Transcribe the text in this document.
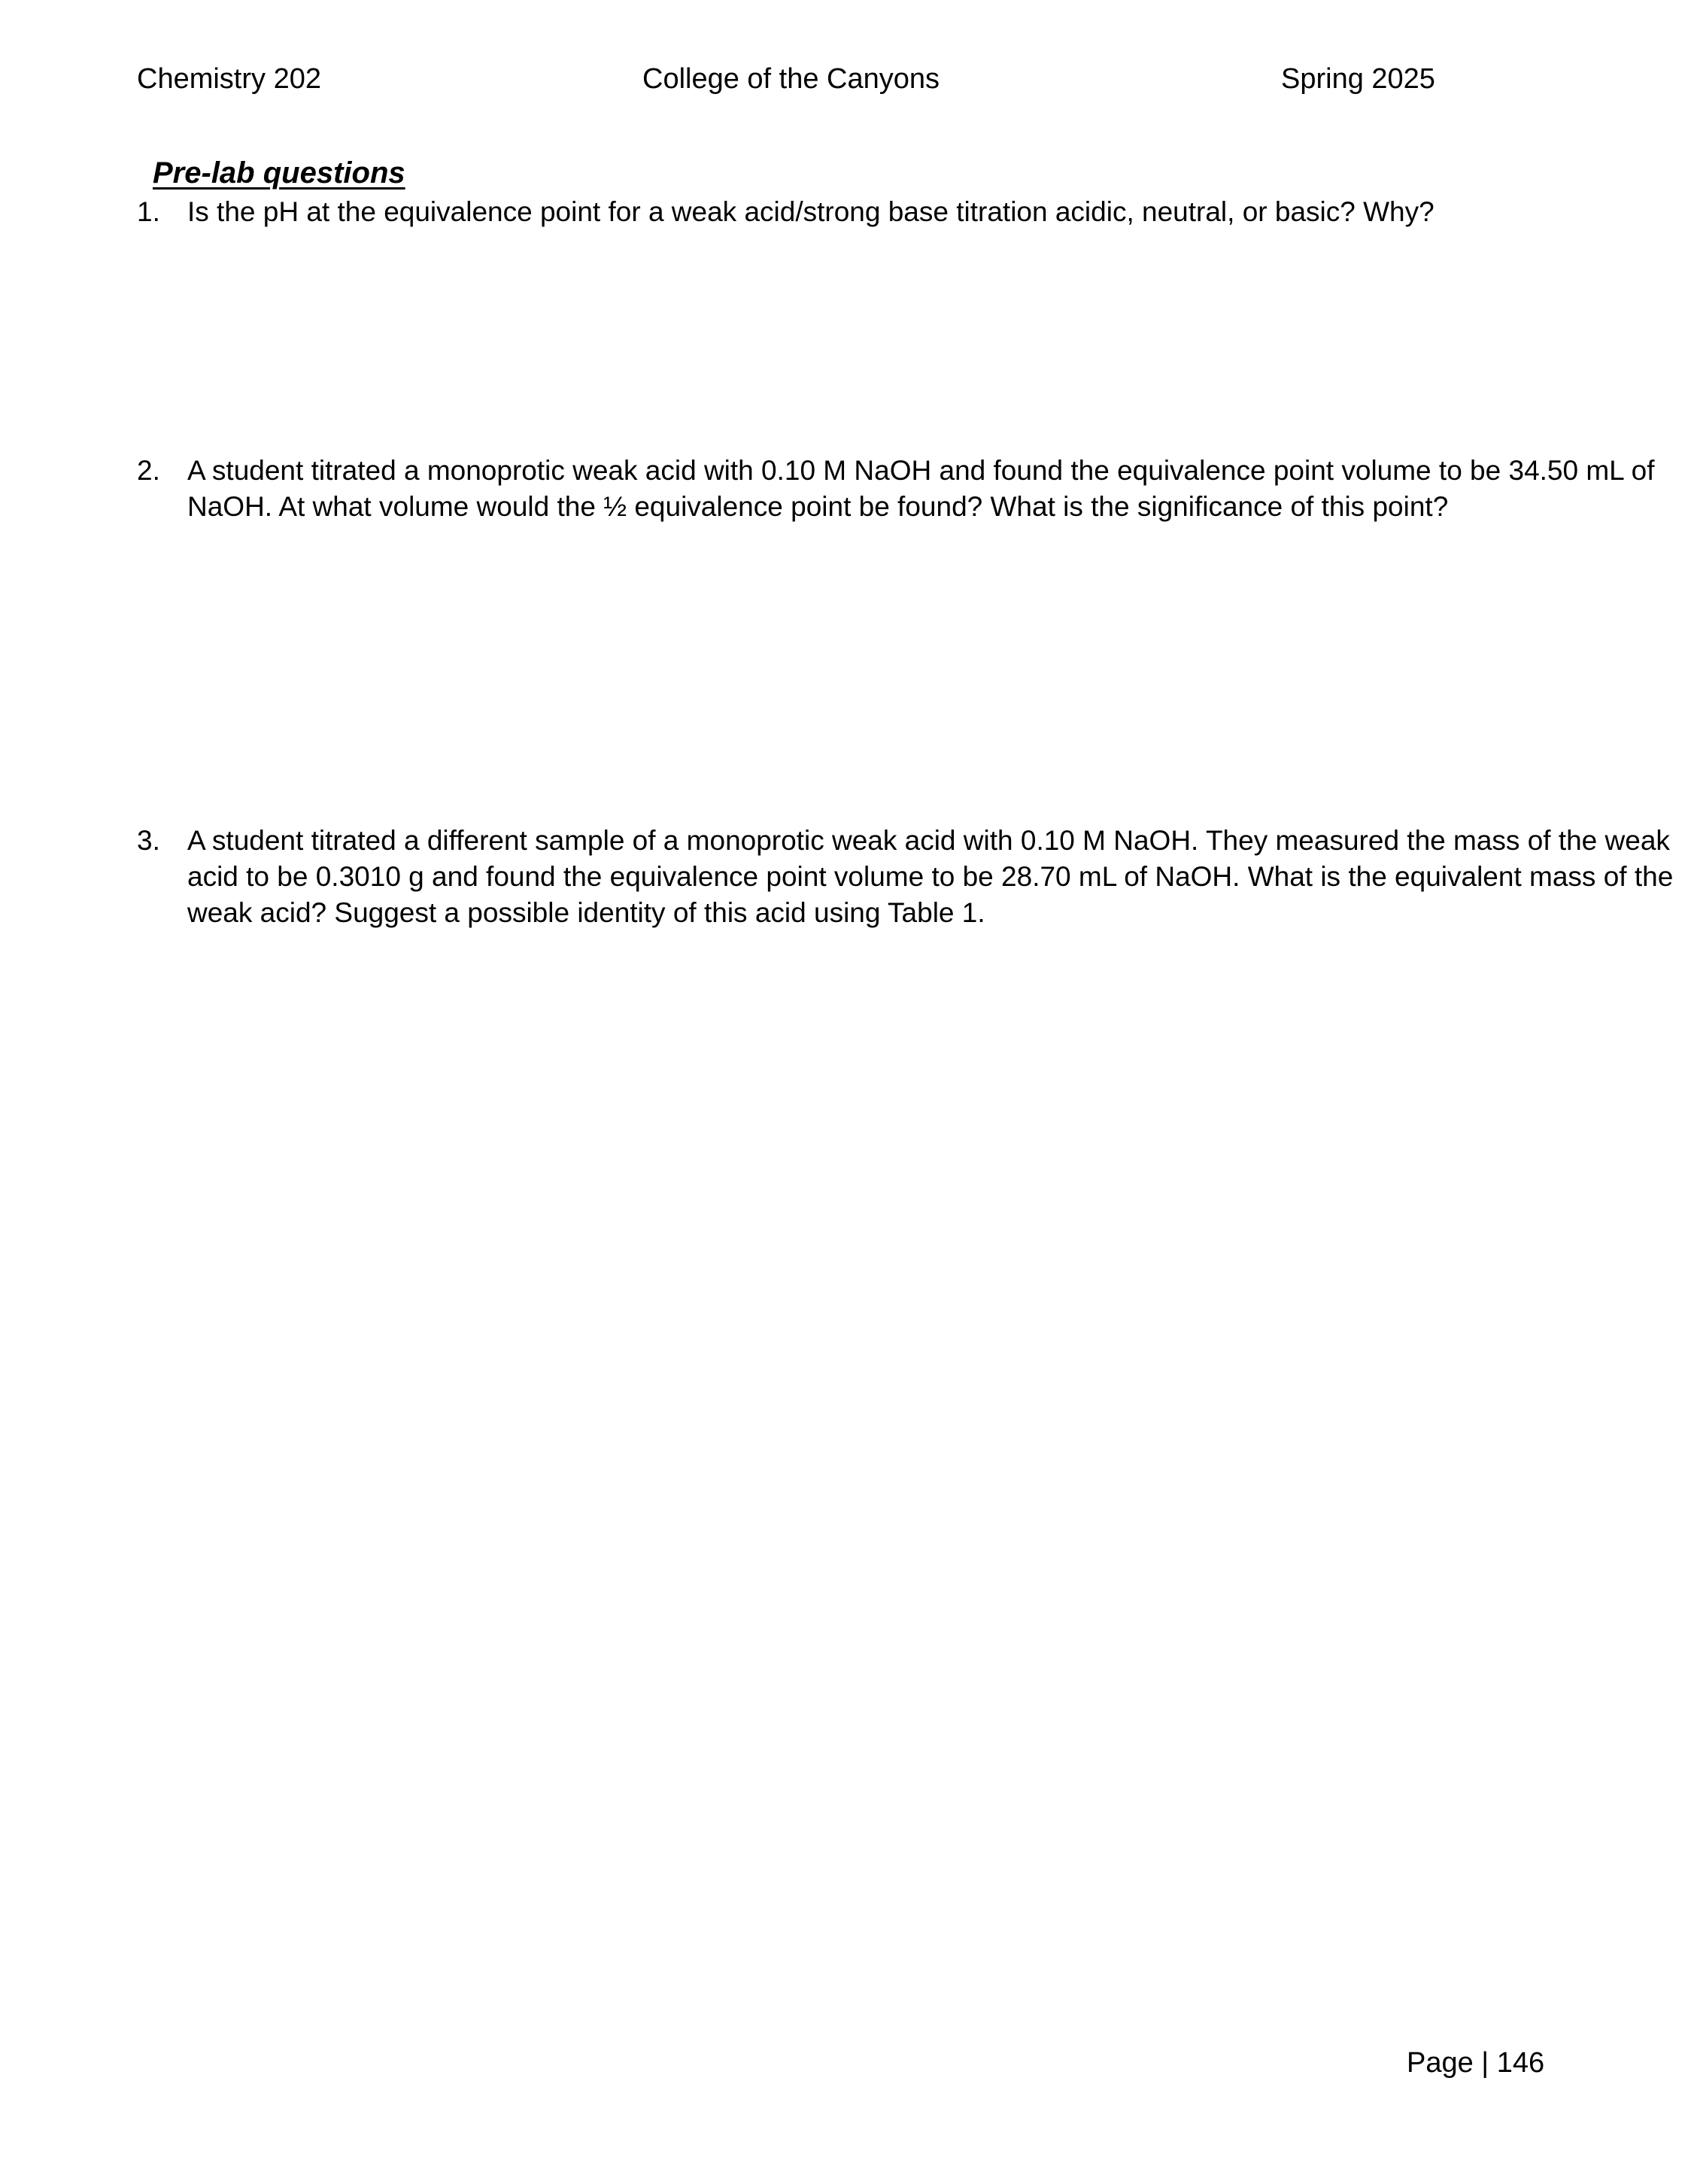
Chemistry 202	College of the Canyons	Spring 2025
Pre-lab questions
1. Is the pH at the equivalence point for a weak acid/strong base titration acidic, neutral, or basic? Why?
2. A student titrated a monoprotic weak acid with 0.10 M NaOH and found the equivalence point volume to be 34.50 mL of NaOH. At what volume would the ½ equivalence point be found? What is the significance of this point?
3. A student titrated a different sample of a monoprotic weak acid with 0.10 M NaOH. They measured the mass of the weak acid to be 0.3010 g and found the equivalence point volume to be 28.70 mL of NaOH. What is the equivalent mass of the weak acid? Suggest a possible identity of this acid using Table 1.
Page | 146
